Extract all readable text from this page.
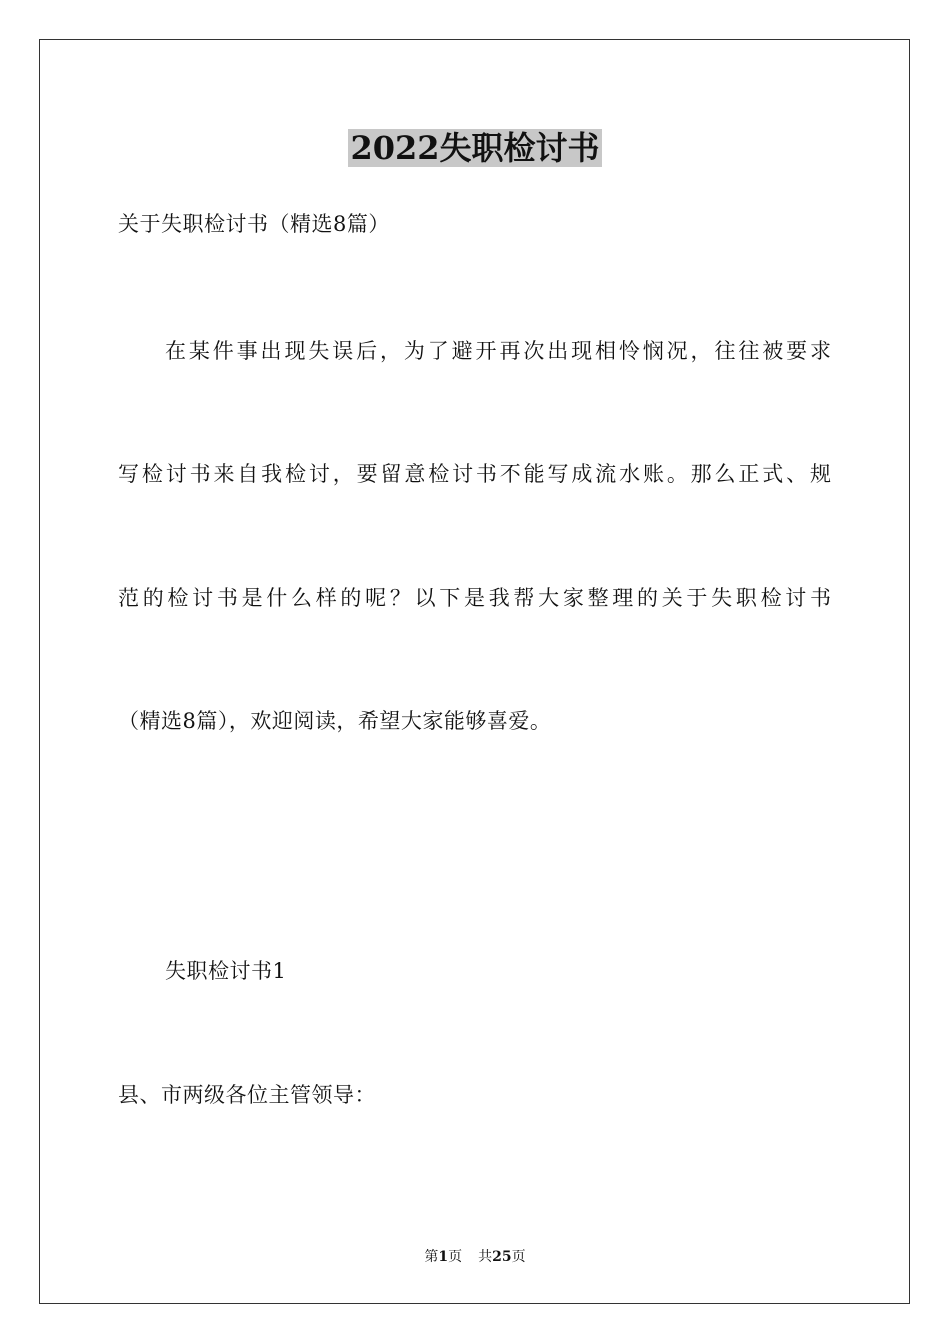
2022失职检讨书
关于失职检讨书（精选8篇）
在某件事出现失误后，为了避开再次出现相怜悯况，往往被要求
写检讨书来自我检讨，要留意检讨书不能写成流水账。那么正式、规
范的检讨书是什么样的呢？以下是我帮大家整理的关于失职检讨书
（精选8篇），欢迎阅读，希望大家能够喜爱。
失职检讨书1
县、市两级各位主管领导：
第1页 共25页
